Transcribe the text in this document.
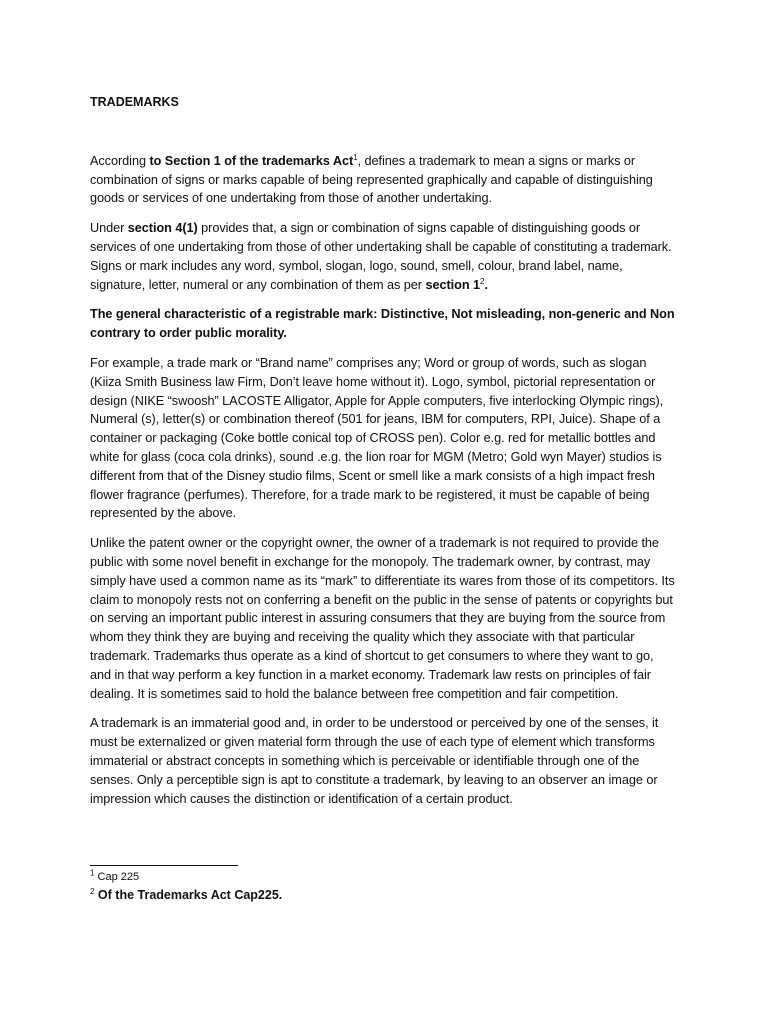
TRADEMARKS

According to Section 1 of the trademarks Act$^1$, defines a trademark to mean a signs or marks or combination of signs or marks capable of being represented graphically and capable of distinguishing goods or services of one undertaking from those of another undertaking.

Under section 4(1) provides that, a sign or combination of signs capable of distinguishing goods or services of one undertaking from those of other undertaking shall be capable of constituting a trademark. Signs or mark includes any word, symbol, slogan, logo, sound, smell, colour, brand label, name, signature, letter, numeral or any combination of them as per section $1^2$.

The general characteristic of a registrable mark: Distinctive, Not misleading, non-generic and Non contrary to order public morality.

For example, a trade mark or “Brand name” comprises any; Word or group of words, such as slogan (Kiiza Smith Business law Firm, Don’t leave home without it). Logo, symbol, pictorial representation or design (NIKE “swoosh” LACOSTE Alligator, Apple for Apple computers, five interlocking Olympic rings), Numeral (s), letter(s) or combination thereof (501 for jeans, IBM for computers, RPI, Juice). Shape of a container or packaging (Coke bottle conical top of CROSS pen). Color e.g. red for metallic bottles and white for glass (coca cola drinks), sound .e.g. the lion roar for MGM (Metro; Gold wyn Mayer) studios is different from that of the Disney studio films, Scent or smell like a mark consists of a high impact fresh flower fragrance (perfumes). Therefore, for a trade mark to be registered, it must be capable of being represented by the above.

Unlike the patent owner or the copyright owner, the owner of a trademark is not required to provide the public with some novel benefit in exchange for the monopoly. The trademark owner, by contrast, may simply have used a common name as its “mark” to differentiate its wares from those of its competitors. Its claim to monopoly rests not on conferring a benefit on the public in the sense of patents or copyrights but on serving an important public interest in assuring consumers that they are buying from the source from whom they think they are buying and receiving the quality which they associate with that particular trademark. Trademarks thus operate as a kind of shortcut to get consumers to where they want to go, and in that way perform a key function in a market economy. Trademark law rests on principles of fair dealing. It is sometimes said to hold the balance between free competition and fair competition.

A trademark is an immaterial good and, in order to be understood or perceived by one of the senses, it must be externalized or given material form through the use of each type of element which transforms immaterial or abstract concepts in something which is perceivable or identifiable through one of the senses. Only a perceptible sign is apt to constitute a trademark, by leaving to an observer an image or impression which causes the distinction or identification of a certain product.

$^1$ Cap 225
$^2$ Of the Trademarks Act Cap225.
